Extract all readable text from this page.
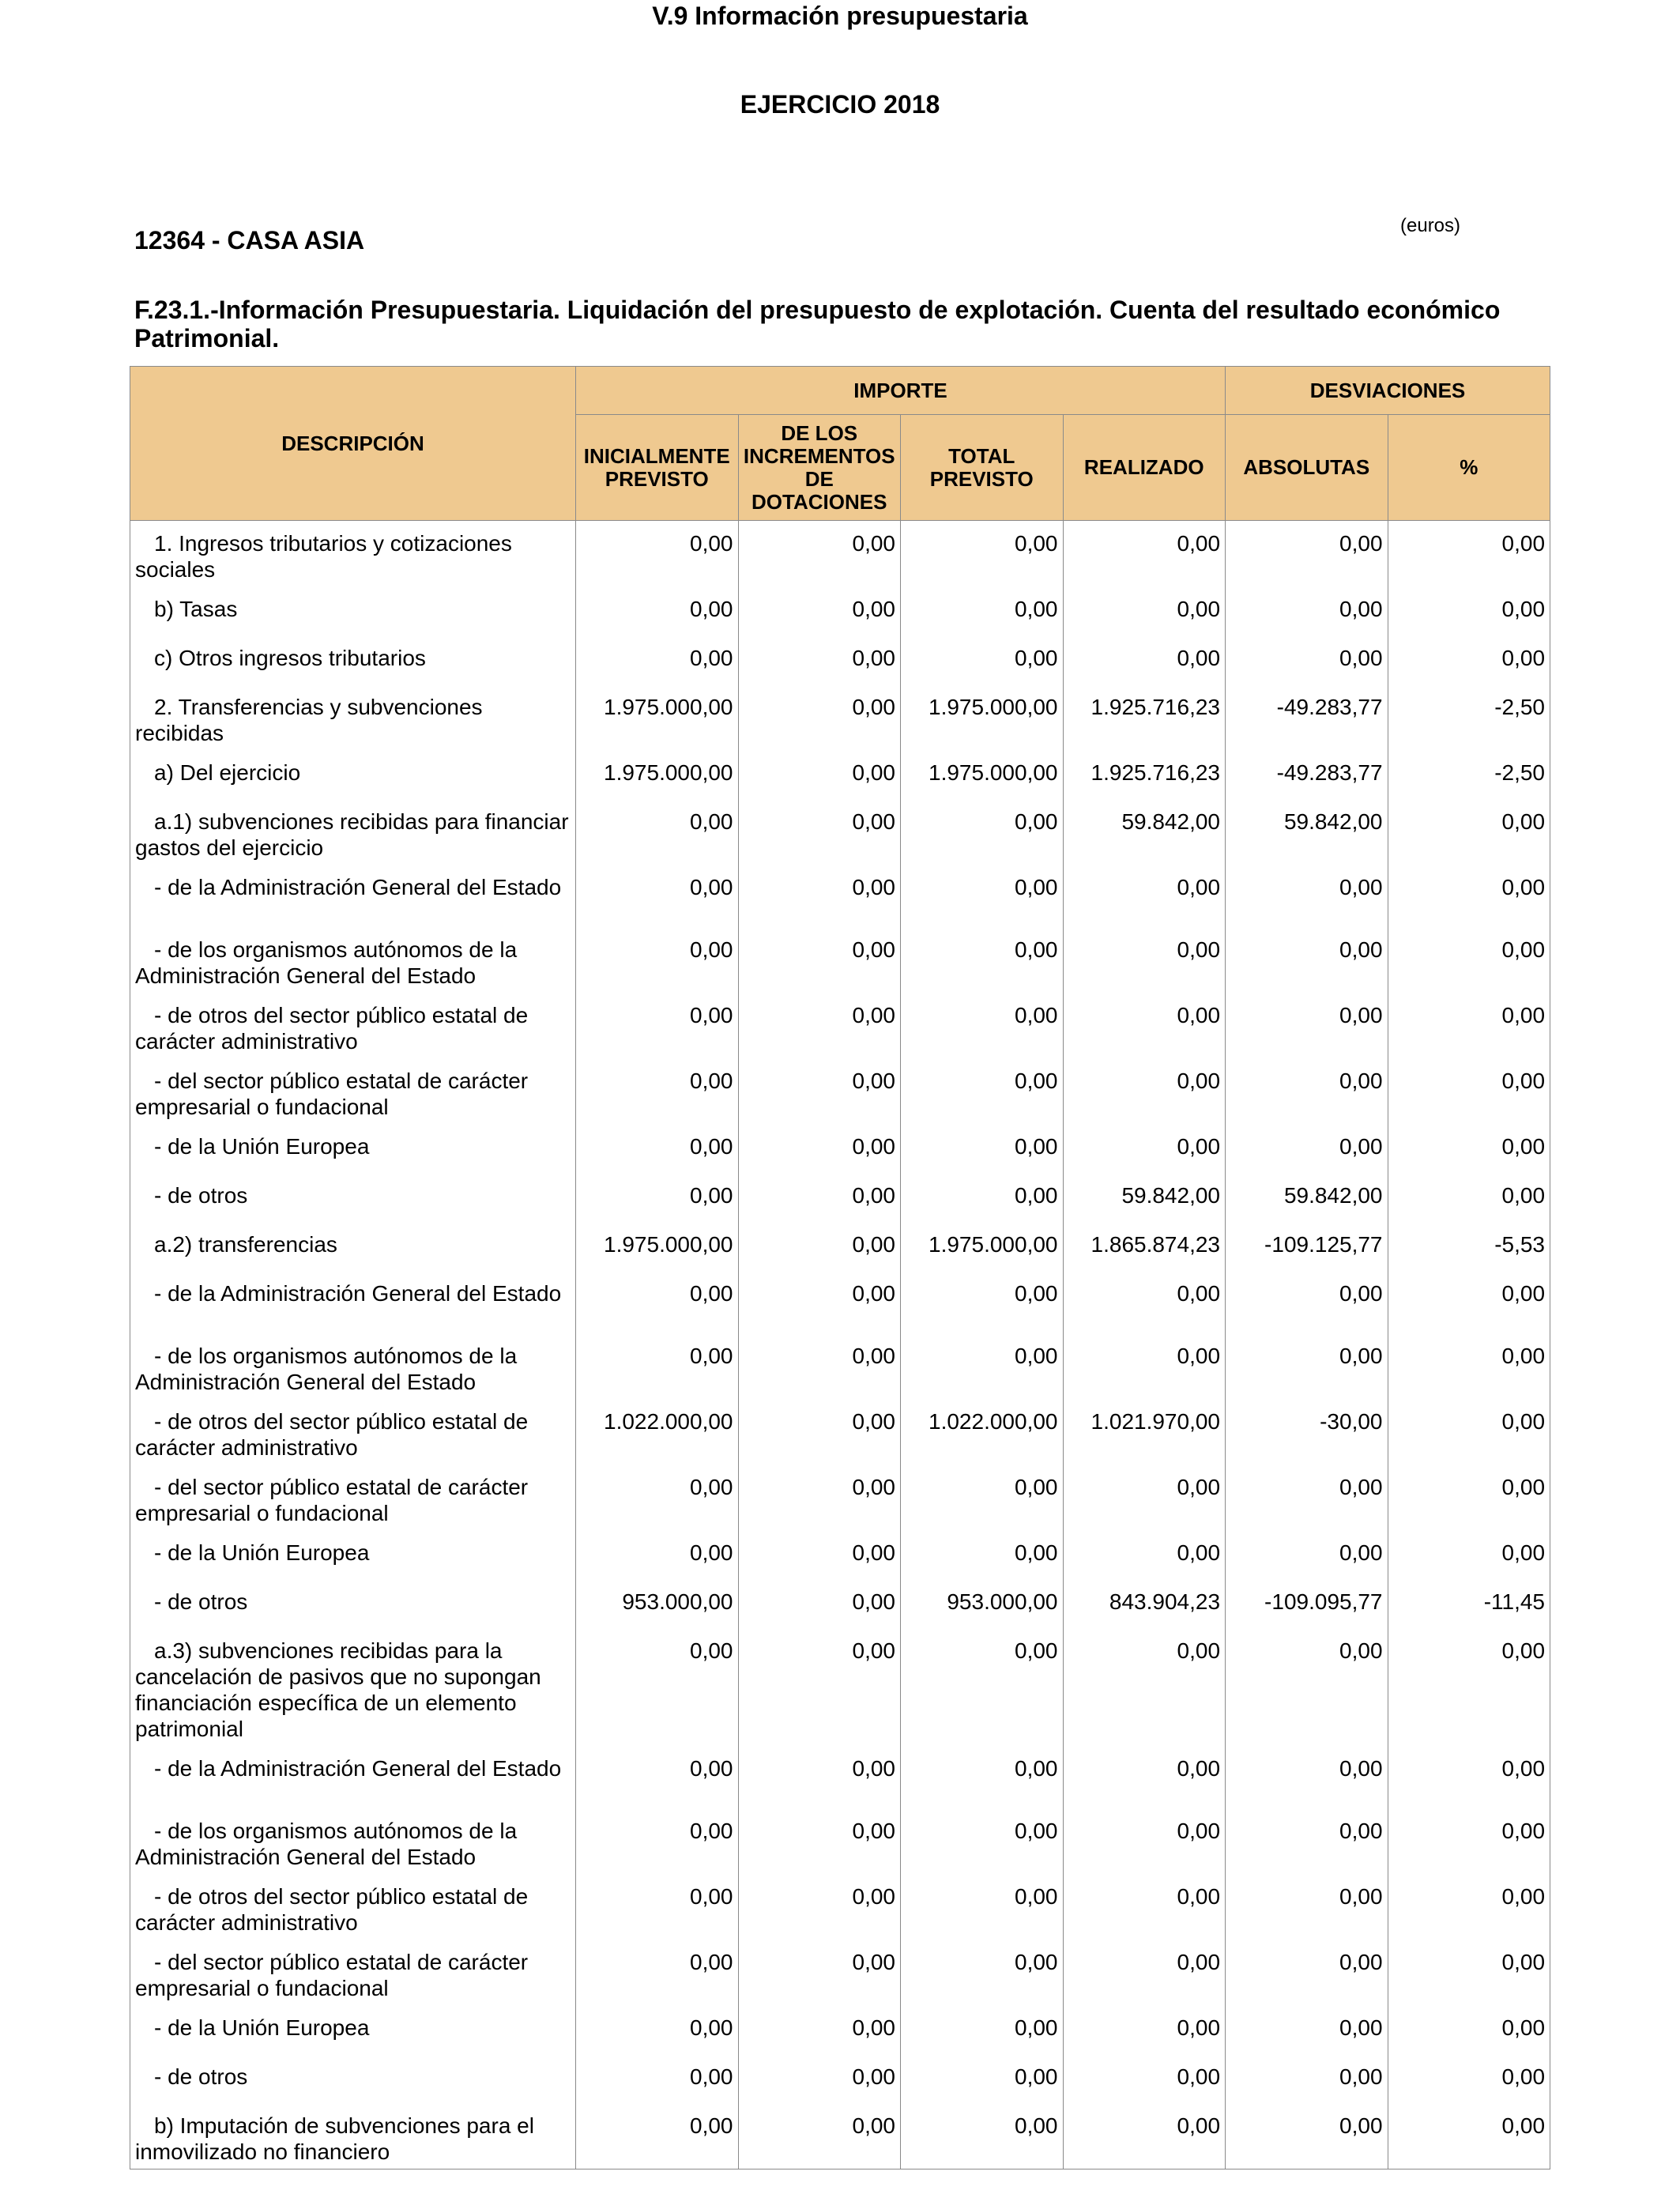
V.9 Información presupuestaria
EJERCICIO 2018
12364 - CASA ASIA
(euros)
F.23.1.-Información Presupuestaria. Liquidación del presupuesto de explotación. Cuenta del resultado económico Patrimonial.
DESCRIPCIÓN	IMPORTE				DESVIACIONES	
	INICIALMENTE PREVISTO	DE LOS INCREMENTOS DE DOTACIONES	TOTAL PREVISTO	REALIZADO	ABSOLUTAS	%
1. Ingresos tributarios y cotizaciones sociales	0,00	0,00	0,00	0,00	0,00	0,00
b) Tasas	0,00	0,00	0,00	0,00	0,00	0,00
c) Otros ingresos tributarios	0,00	0,00	0,00	0,00	0,00	0,00
2. Transferencias y subvenciones recibidas	1.975.000,00	0,00	1.975.000,00	1.925.716,23	-49.283,77	-2,50
a) Del ejercicio	1.975.000,00	0,00	1.975.000,00	1.925.716,23	-49.283,77	-2,50
a.1) subvenciones recibidas para financiar gastos del ejercicio	0,00	0,00	0,00	59.842,00	59.842,00	0,00
- de la Administración General del Estado	0,00	0,00	0,00	0,00	0,00	0,00
- de los organismos autónomos de la Administración General del Estado	0,00	0,00	0,00	0,00	0,00	0,00
- de otros del sector público estatal de carácter administrativo	0,00	0,00	0,00	0,00	0,00	0,00
- del sector público estatal de carácter empresarial o fundacional	0,00	0,00	0,00	0,00	0,00	0,00
- de la Unión Europea	0,00	0,00	0,00	0,00	0,00	0,00
- de otros	0,00	0,00	0,00	59.842,00	59.842,00	0,00
a.2) transferencias	1.975.000,00	0,00	1.975.000,00	1.865.874,23	-109.125,77	-5,53
- de la Administración General del Estado	0,00	0,00	0,00	0,00	0,00	0,00
- de los organismos autónomos de la Administración General del Estado	0,00	0,00	0,00	0,00	0,00	0,00
- de otros del sector público estatal de carácter administrativo	1.022.000,00	0,00	1.022.000,00	1.021.970,00	-30,00	0,00
- del sector público estatal de carácter empresarial o fundacional	0,00	0,00	0,00	0,00	0,00	0,00
- de la Unión Europea	0,00	0,00	0,00	0,00	0,00	0,00
- de otros	953.000,00	0,00	953.000,00	843.904,23	-109.095,77	-11,45
a.3) subvenciones recibidas para la cancelación de pasivos que no supongan financiación específica de un elemento patrimonial	0,00	0,00	0,00	0,00	0,00	0,00
- de la Administración General del Estado	0,00	0,00	0,00	0,00	0,00	0,00
- de los organismos autónomos de la Administración General del Estado	0,00	0,00	0,00	0,00	0,00	0,00
- de otros del sector público estatal de carácter administrativo	0,00	0,00	0,00	0,00	0,00	0,00
- del sector público estatal de carácter empresarial o fundacional	0,00	0,00	0,00	0,00	0,00	0,00
- de la Unión Europea	0,00	0,00	0,00	0,00	0,00	0,00
- de otros	0,00	0,00	0,00	0,00	0,00	0,00
b) Imputación de subvenciones para el inmovilizado no financiero	0,00	0,00	0,00	0,00	0,00	0,00
